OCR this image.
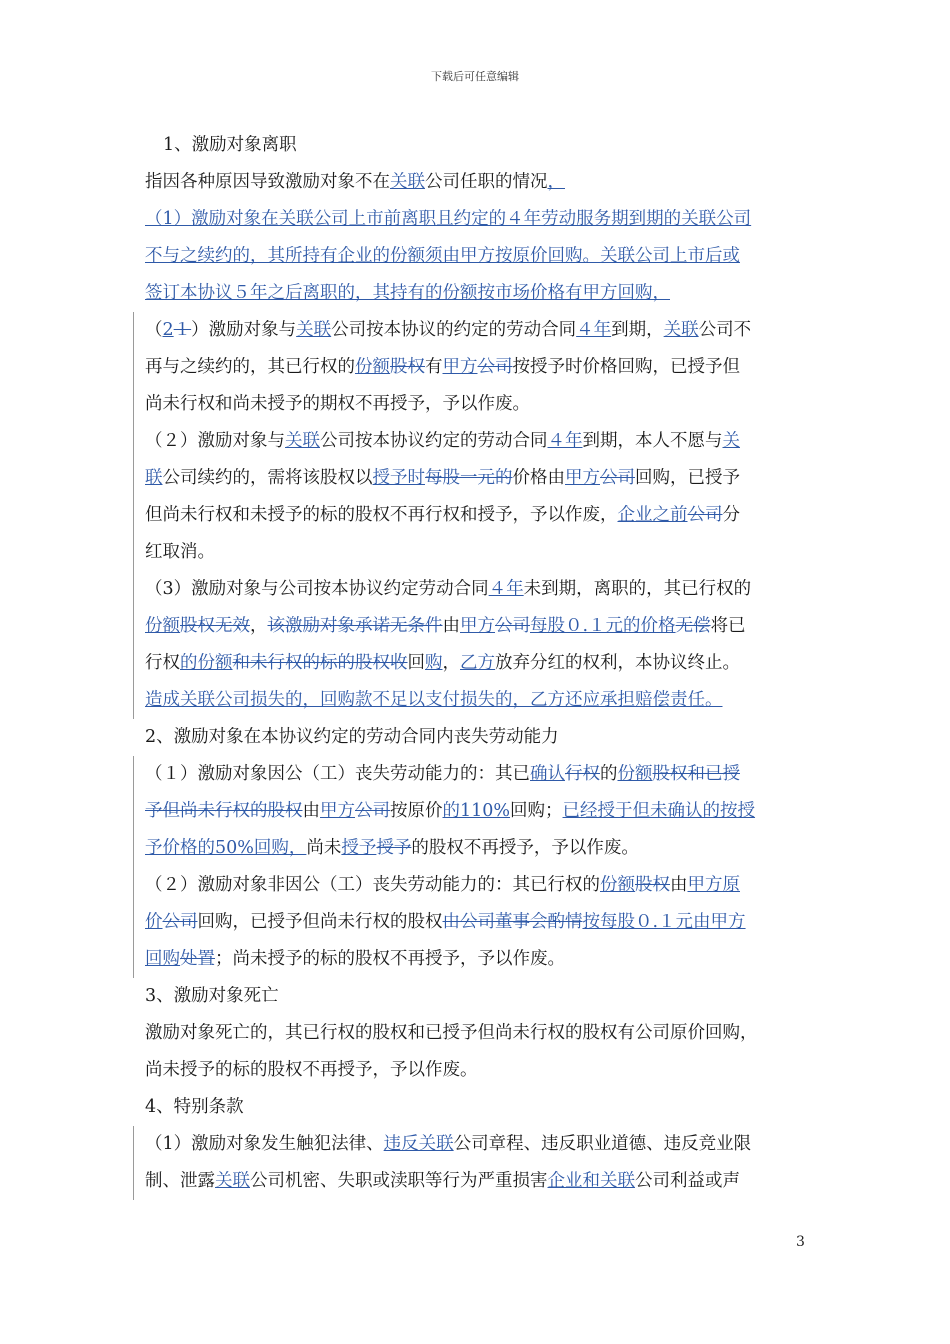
下载后可任意编辑

1、激励对象离职

指因各种原因导致激励对象不在关联公司任职的情况，

（1）激励对象在关联公司上市前离职且约定的４年劳动服务期到期的关联公司
不与之续约的，其所持有企业的份额须由甲方按原价回购。关联公司上市后或
签订本协议５年之后离职的，其持有的份额按市场价格有甲方回购，

（2１）激励对象与关联公司按本协议的约定的劳动合同４年到期，关联公司不
再与之续约的，其已行权的份额股权有甲方公司按授予时价格回购，已授予但
尚未行权和尚未授予的期权不再授予，予以作废。

（２）激励对象与关联公司按本协议约定的劳动合同４年到期，本人不愿与关
联公司续约的，需将该股权以授予时每股一元的价格由甲方公司回购，已授予
但尚未行权和未授予的标的股权不再行权和授予，予以作废，企业之前公司分
红取消。

（3）激励对象与公司按本协议约定劳动合同４年未到期，离职的，其已行权的
份额股权无效，该激励对象承诺无条件由甲方公司每股０.１元的价格无偿将已
行权的份额和未行权的标的股权收回购，乙方放弃分红的权利，本协议终止。
造成关联公司损失的，回购款不足以支付损失的，乙方还应承担赔偿责任。

2、激励对象在本协议约定的劳动合同内丧失劳动能力

（１）激励对象因公（工）丧失劳动能力的：其已确认行权的份额股权和已授
予但尚未行权的股权由甲方公司按原价的110%回购；已经授于但未确认的按授
予价格的50%回购，尚未授予授予的股权不再授予，予以作废。

（２）激励对象非因公（工）丧失劳动能力的：其已行权的份额股权由甲方原
价公司回购，已授予但尚未行权的股权由公司董事会酌情按每股０.１元由甲方
回购处置；尚未授予的标的股权不再授予，予以作废。

3、激励对象死亡

激励对象死亡的，其已行权的股权和已授予但尚未行权的股权有公司原价回购，
尚未授予的标的股权不再授予，予以作废。

4、特别条款

（1）激励对象发生触犯法律、违反关联公司章程、违反职业道德、违反竞业限
制、泄露关联公司机密、失职或渎职等行为严重损害企业和关联公司利益或声

3
